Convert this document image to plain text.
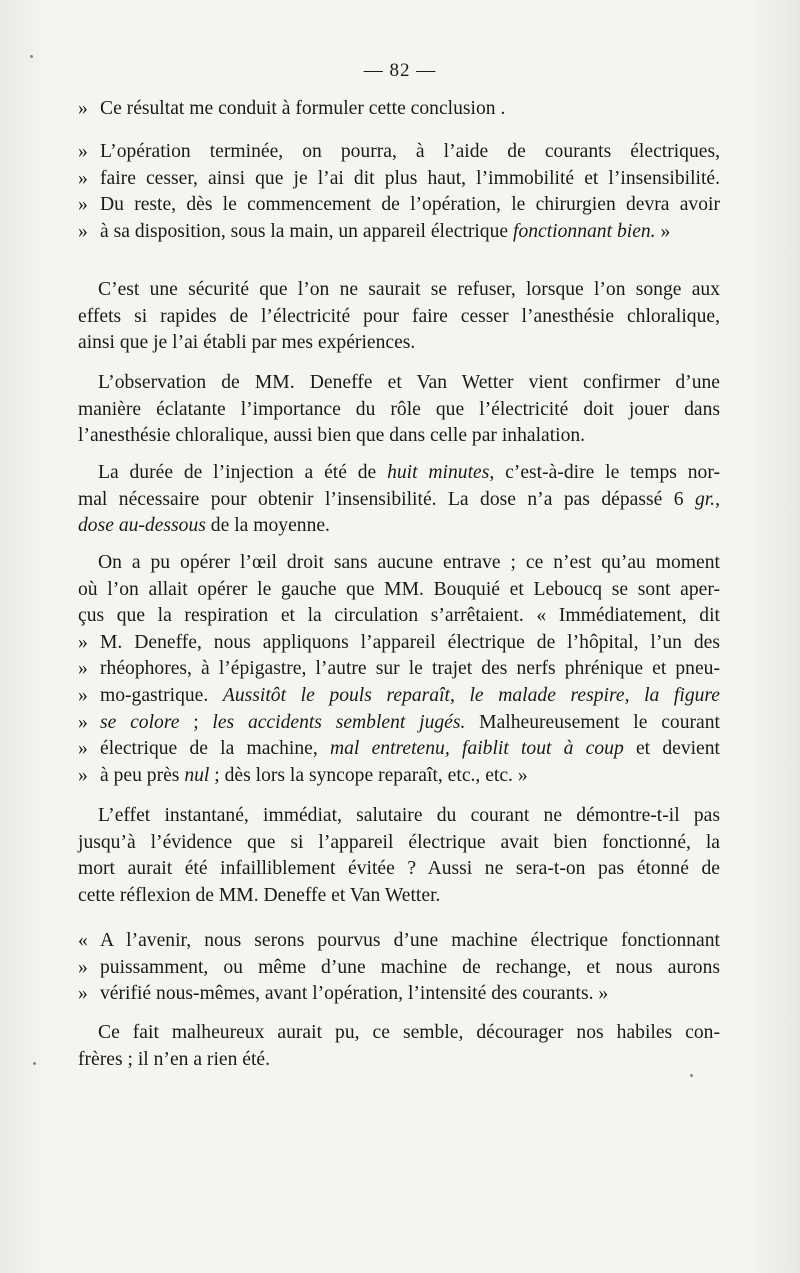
— 82 —
»Ce résultat me conduit à formuler cette conclusion .
»L’opération terminée, on pourra, à l’aide de courants électriques,
»faire cesser, ainsi que je l’ai dit plus haut, l’immobilité et l’insensibilité.
»Du reste, dès le commencement de l’opération, le chirurgien devra avoir
»à sa disposition, sous la main, un appareil électrique fonctionnant bien. »
C’est une sécurité que l’on ne saurait se refuser, lorsque l’on songe aux
effets si rapides de l’électricité pour faire cesser l’anesthésie chloralique,
ainsi que je l’ai établi par mes expériences.
L’observation de MM. Deneffe et Van Wetter vient confirmer d’une
manière éclatante l’importance du rôle que l’électricité doit jouer dans
l’anesthésie chloralique, aussi bien que dans celle par inhalation.
La durée de l’injection a été de huit minutes, c’est-à-dire le temps nor-
mal nécessaire pour obtenir l’insensibilité. La dose n’a pas dépassé 6 gr.,
dose au-dessous de la moyenne.
On a pu opérer l’œil droit sans aucune entrave ; ce n’est qu’au moment
où l’on allait opérer le gauche que MM. Bouquié et Leboucq se sont aper-
çus que la respiration et la circulation s’arrêtaient. « Immédiatement, dit
»M. Deneffe, nous appliquons l’appareil électrique de l’hôpital, l’un des
»rhéophores, à l’épigastre, l’autre sur le trajet des nerfs phrénique et pneu-
»mo-gastrique. Aussitôt le pouls reparaît, le malade respire, la figure
»se colore ; les accidents semblent jugés. Malheureusement le courant
»électrique de la machine, mal entretenu, faiblit tout à coup et devient
»à peu près nul ; dès lors la syncope reparaît, etc., etc. »
L’effet instantané, immédiat, salutaire du courant ne démontre-t-il pas
jusqu’à l’évidence que si l’appareil électrique avait bien fonctionné, la
mort aurait été infailliblement évitée ? Aussi ne sera-t-on pas étonné de
cette réflexion de MM. Deneffe et Van Wetter.
«A l’avenir, nous serons pourvus d’une machine électrique fonctionnant
»puissamment, ou même d’une machine de rechange, et nous aurons
»vérifié nous-mêmes, avant l’opération, l’intensité des courants. »
Ce fait malheureux aurait pu, ce semble, décourager nos habiles con-
frères ; il n’en a rien été.
